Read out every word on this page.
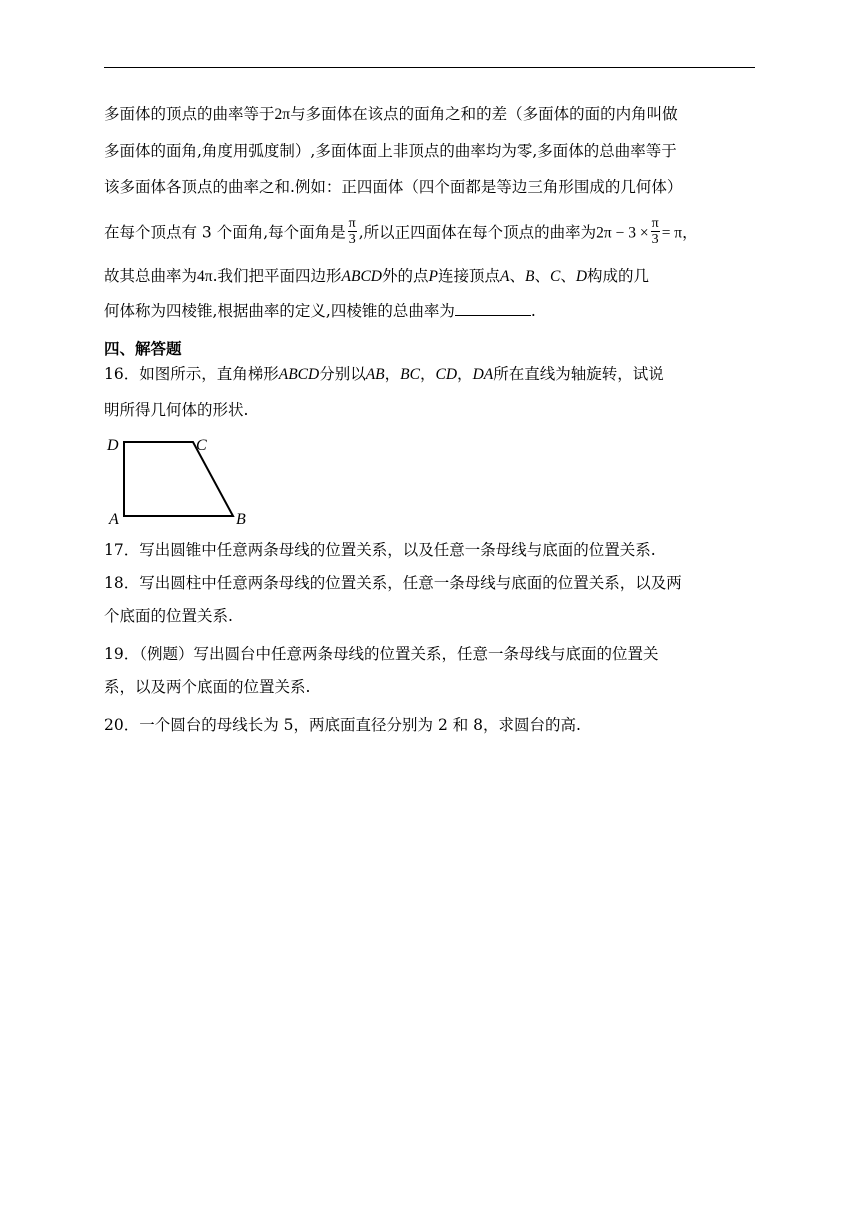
多面体的顶点的曲率等于2π与多面体在该点的面角之和的差（多面体的面的内角叫做
多面体的面角,角度用弧度制）,多面体面上非顶点的曲率均为零,多面体的总曲率等于
该多面体各顶点的曲率之和.例如：正四面体（四个面都是等边三角形围成的几何体）
在每个顶点有 3 个面角,每个面角是 $\frac{\pi}{3}$ ,所以正四面体在每个顶点的曲率为$2\pi - 3 \times \frac{\pi}{3} = \pi$，
故其总曲率为4π.我们把平面四边形ABCD外的点P连接顶点A、B、C、D构成的几
何体称为四棱锥,根据曲率的定义,四棱锥的总曲率为	.
四、解答题
16．如图所示，直角梯形ABCD分别以AB，BC，CD，DA所在直线为轴旋转，试说
明所得几何体的形状.
D	C
A	B
17．写出圆锥中任意两条母线的位置关系，以及任意一条母线与底面的位置关系.
18．写出圆柱中任意两条母线的位置关系，任意一条母线与底面的位置关系，以及两
个底面的位置关系.
19．（例题）写出圆台中任意两条母线的位置关系，任意一条母线与底面的位置关
系，以及两个底面的位置关系.
20．一个圆台的母线长为 5，两底面直径分别为 2 和 8，求圆台的高.
